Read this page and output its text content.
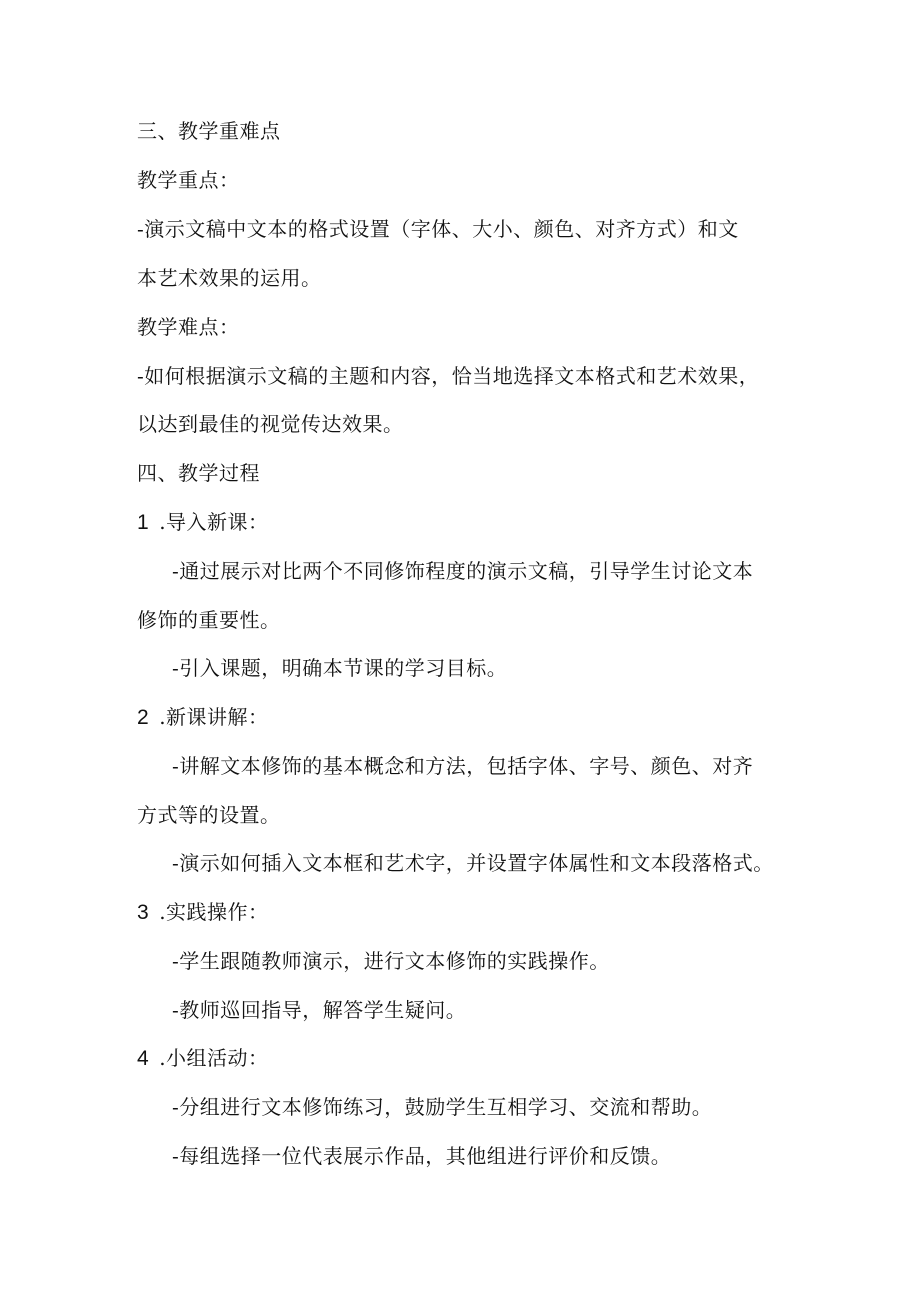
三、教学重难点
教学重点：
-演示文稿中文本的格式设置（字体、大小、颜色、对齐方式）和文
本艺术效果的运用。
教学难点：
-如何根据演示文稿的主题和内容，恰当地选择文本格式和艺术效果，
以达到最佳的视觉传达效果。
四、教学过程
1 .导入新课：
-通过展示对比两个不同修饰程度的演示文稿，引导学生讨论文本
修饰的重要性。
-引入课题，明确本节课的学习目标。
2 .新课讲解：
-讲解文本修饰的基本概念和方法，包括字体、字号、颜色、对齐
方式等的设置。
-演示如何插入文本框和艺术字，并设置字体属性和文本段落格式。
3 .实践操作：
-学生跟随教师演示，进行文本修饰的实践操作。
-教师巡回指导，解答学生疑问。
4 .小组活动：
-分组进行文本修饰练习，鼓励学生互相学习、交流和帮助。
-每组选择一位代表展示作品，其他组进行评价和反馈。
